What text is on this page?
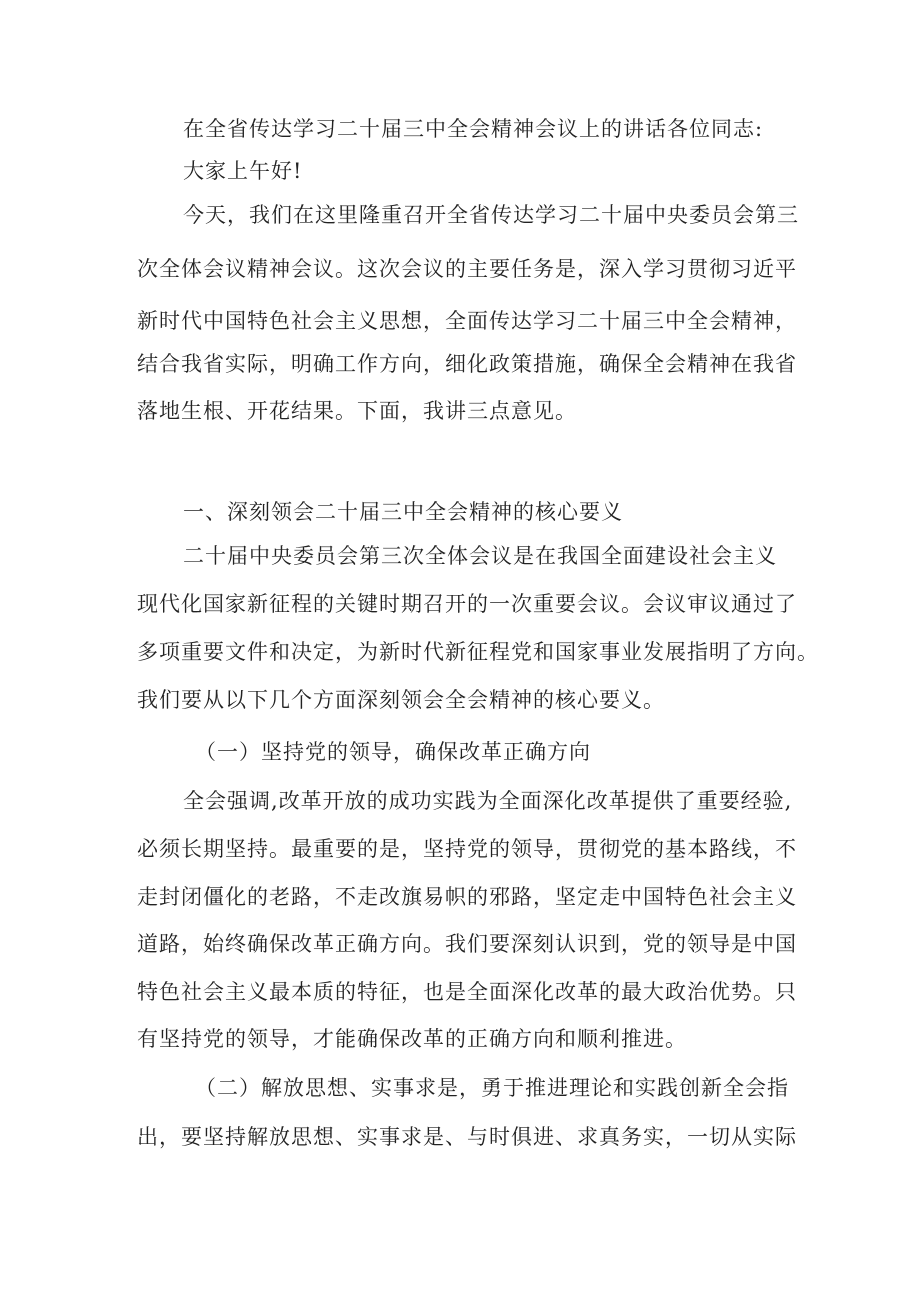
在全省传达学习二十届三中全会精神会议上的讲话各位同志:
大家上午好!
今天，我们在这里隆重召开全省传达学习二十届中央委员会第三
次全体会议精神会议。这次会议的主要任务是，深入学习贯彻习近平
新时代中国特色社会主义思想，全面传达学习二十届三中全会精神，
结合我省实际，明确工作方向，细化政策措施，确保全会精神在我省
落地生根、开花结果。下面，我讲三点意见。
一、深刻领会二十届三中全会精神的核心要义
二十届中央委员会第三次全体会议是在我国全面建设社会主义
现代化国家新征程的关键时期召开的一次重要会议。会议审议通过了
多项重要文件和决定，为新时代新征程党和国家事业发展指明了方向。
我们要从以下几个方面深刻领会全会精神的核心要义。
（一）坚持党的领导，确保改革正确方向
全会强调,改革开放的成功实践为全面深化改革提供了重要经验,
必须长期坚持。最重要的是，坚持党的领导，贯彻党的基本路线，不
走封闭僵化的老路，不走改旗易帜的邪路，坚定走中国特色社会主义
道路，始终确保改革正确方向。我们要深刻认识到，党的领导是中国
特色社会主义最本质的特征，也是全面深化改革的最大政治优势。只
有坚持党的领导，才能确保改革的正确方向和顺利推进。
（二）解放思想、实事求是，勇于推进理论和实践创新全会指
出，要坚持解放思想、实事求是、与时俱进、求真务实，一切从实际
